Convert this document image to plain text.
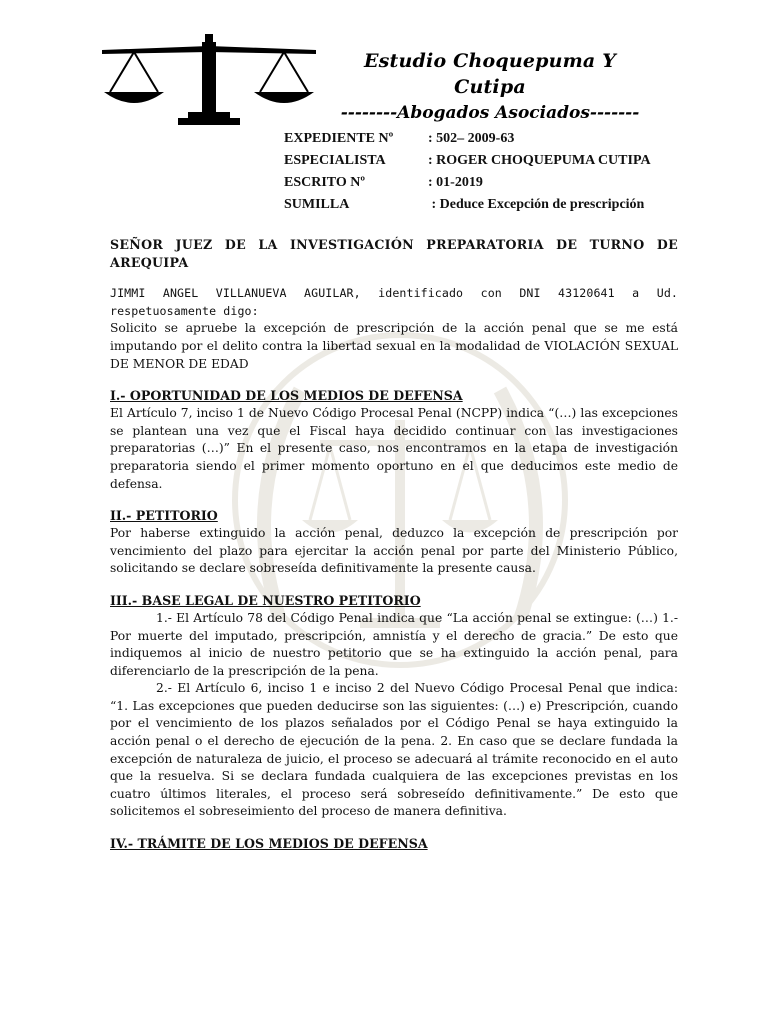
Estudio Choquepuma Y Cutipa
--------Abogados Asociados-------
EXPEDIENTE Nº : 502– 2009-63
ESPECIALISTA	: ROGER CHOQUEPUMA CUTIPA
ESCRITO Nº	: 01-2019
SUMILLA	: Deduce Excepción de prescripción

SEÑOR JUEZ DE LA INVESTIGACIÓN PREPARATORIA DE TURNO DE AREQUIPA

JIMMI ANGEL VILLANUEVA AGUILAR, identificado con DNI 43120641 a Ud. respetuosamente digo:

Solicito se apruebe la excepción de prescripción de la acción penal que se me está imputando por el delito contra la libertad sexual en la modalidad de VIOLACIÓN SEXUAL DE MENOR DE EDAD

I.- OPORTUNIDAD DE LOS MEDIOS DE DEFENSA

El Artículo 7, inciso 1 de Nuevo Código Procesal Penal (NCPP) indica “(…) las excepciones se plantean una vez que el Fiscal haya decidido continuar con las investigaciones preparatorias (…)” En el presente caso, nos encontramos en la etapa de investigación preparatoria siendo el primer momento oportuno en el que deducimos este medio de defensa.

II.- PETITORIO

Por haberse extinguido la acción penal, deduzco la excepción de prescripción por vencimiento del plazo para ejercitar la acción penal por parte del Ministerio Público, solicitando se declare sobreseída definitivamente la presente causa.

III.- BASE LEGAL DE NUESTRO PETITORIO

1.- El Artículo 78 del Código Penal indica que “La acción penal se extingue: (…) 1.- Por muerte del imputado, prescripción, amnistía y el derecho de gracia.” De esto que indiquemos al inicio de nuestro petitorio que se ha extinguido la acción penal, para diferenciarlo de la prescripción de la pena.

2.- El Artículo 6, inciso 1 e inciso 2 del Nuevo Código Procesal Penal que indica: “1. Las excepciones que pueden deducirse son las siguientes: (…) e) Prescripción, cuando por el vencimiento de los plazos señalados por el Código Penal se haya extinguido la acción penal o el derecho de ejecución de la pena. 2. En caso que se declare fundada la excepción de naturaleza de juicio, el proceso se adecuará al trámite reconocido en el auto que la resuelva. Si se declara fundada cualquiera de las excepciones previstas en los cuatro últimos literales, el proceso será sobreseído definitivamente.” De esto que solicitemos el sobreseimiento del proceso de manera definitiva.

IV.- TRÁMITE DE LOS MEDIOS DE DEFENSA
